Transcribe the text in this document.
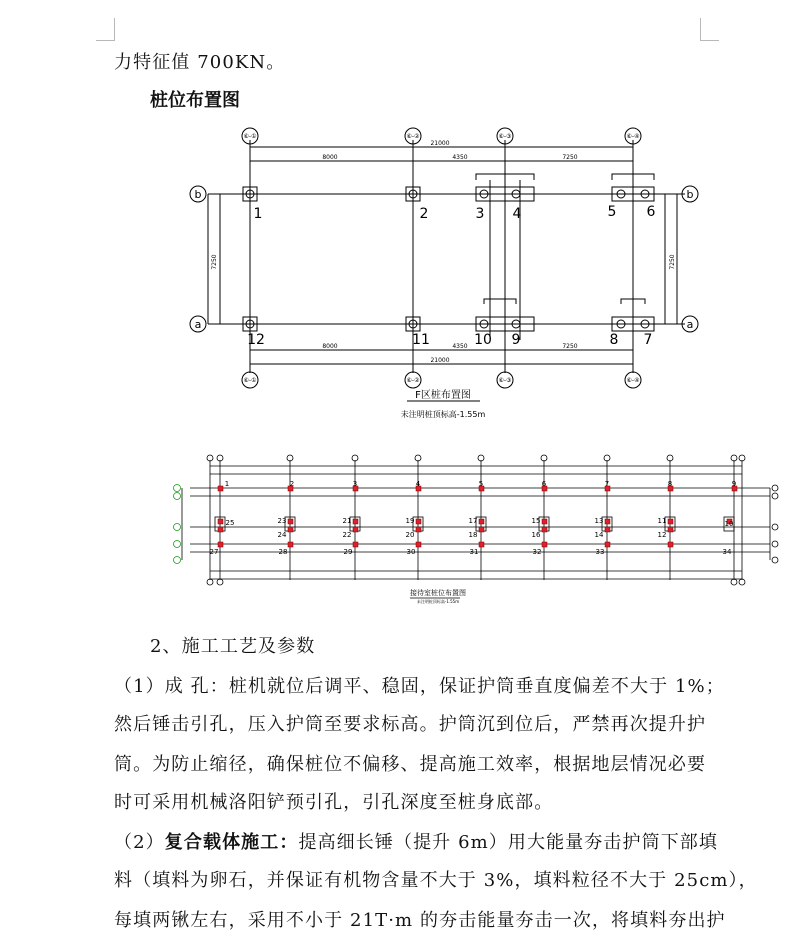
力特征值 700KN。
桩位布置图
⑥-①	⑥-②	⑥-③	⑥-④
⑥-①	⑥-②	⑥-③	⑥-④
21000
8000	4350	7250
8000	4350	7250
21000
7250	7250
b	b
a	a
1	2	3 4	5 6
12	11	10 9	8 7
F区桩布置图
未注明桩顶标高-1.55m
1	2	3	4	5	6	7	8	9
25	23	21	19	17	15	13	11	10
24	22	20	18	16	14	12
27	28	29	30	31	32	33	34
接待室桩位布置图
未注明桩顶标高-1.55m
2、施工工艺及参数
（1）成 孔：桩机就位后调平、稳固，保证护筒垂直度偏差不大于 1%；
然后锤击引孔，压入护筒至要求标高。护筒沉到位后，严禁再次提升护
筒。为防止缩径，确保桩位不偏移、提高施工效率，根据地层情况必要
时可采用机械洛阳铲预引孔，引孔深度至桩身底部。
（2）复合载体施工：提高细长锤（提升 6m）用大能量夯击护筒下部填
料（填料为卵石，并保证有机物含量不大于 3%，填料粒径不大于 25cm），
每填两锹左右，采用不小于 21T·m 的夯击能量夯击一次，将填料夯出护
